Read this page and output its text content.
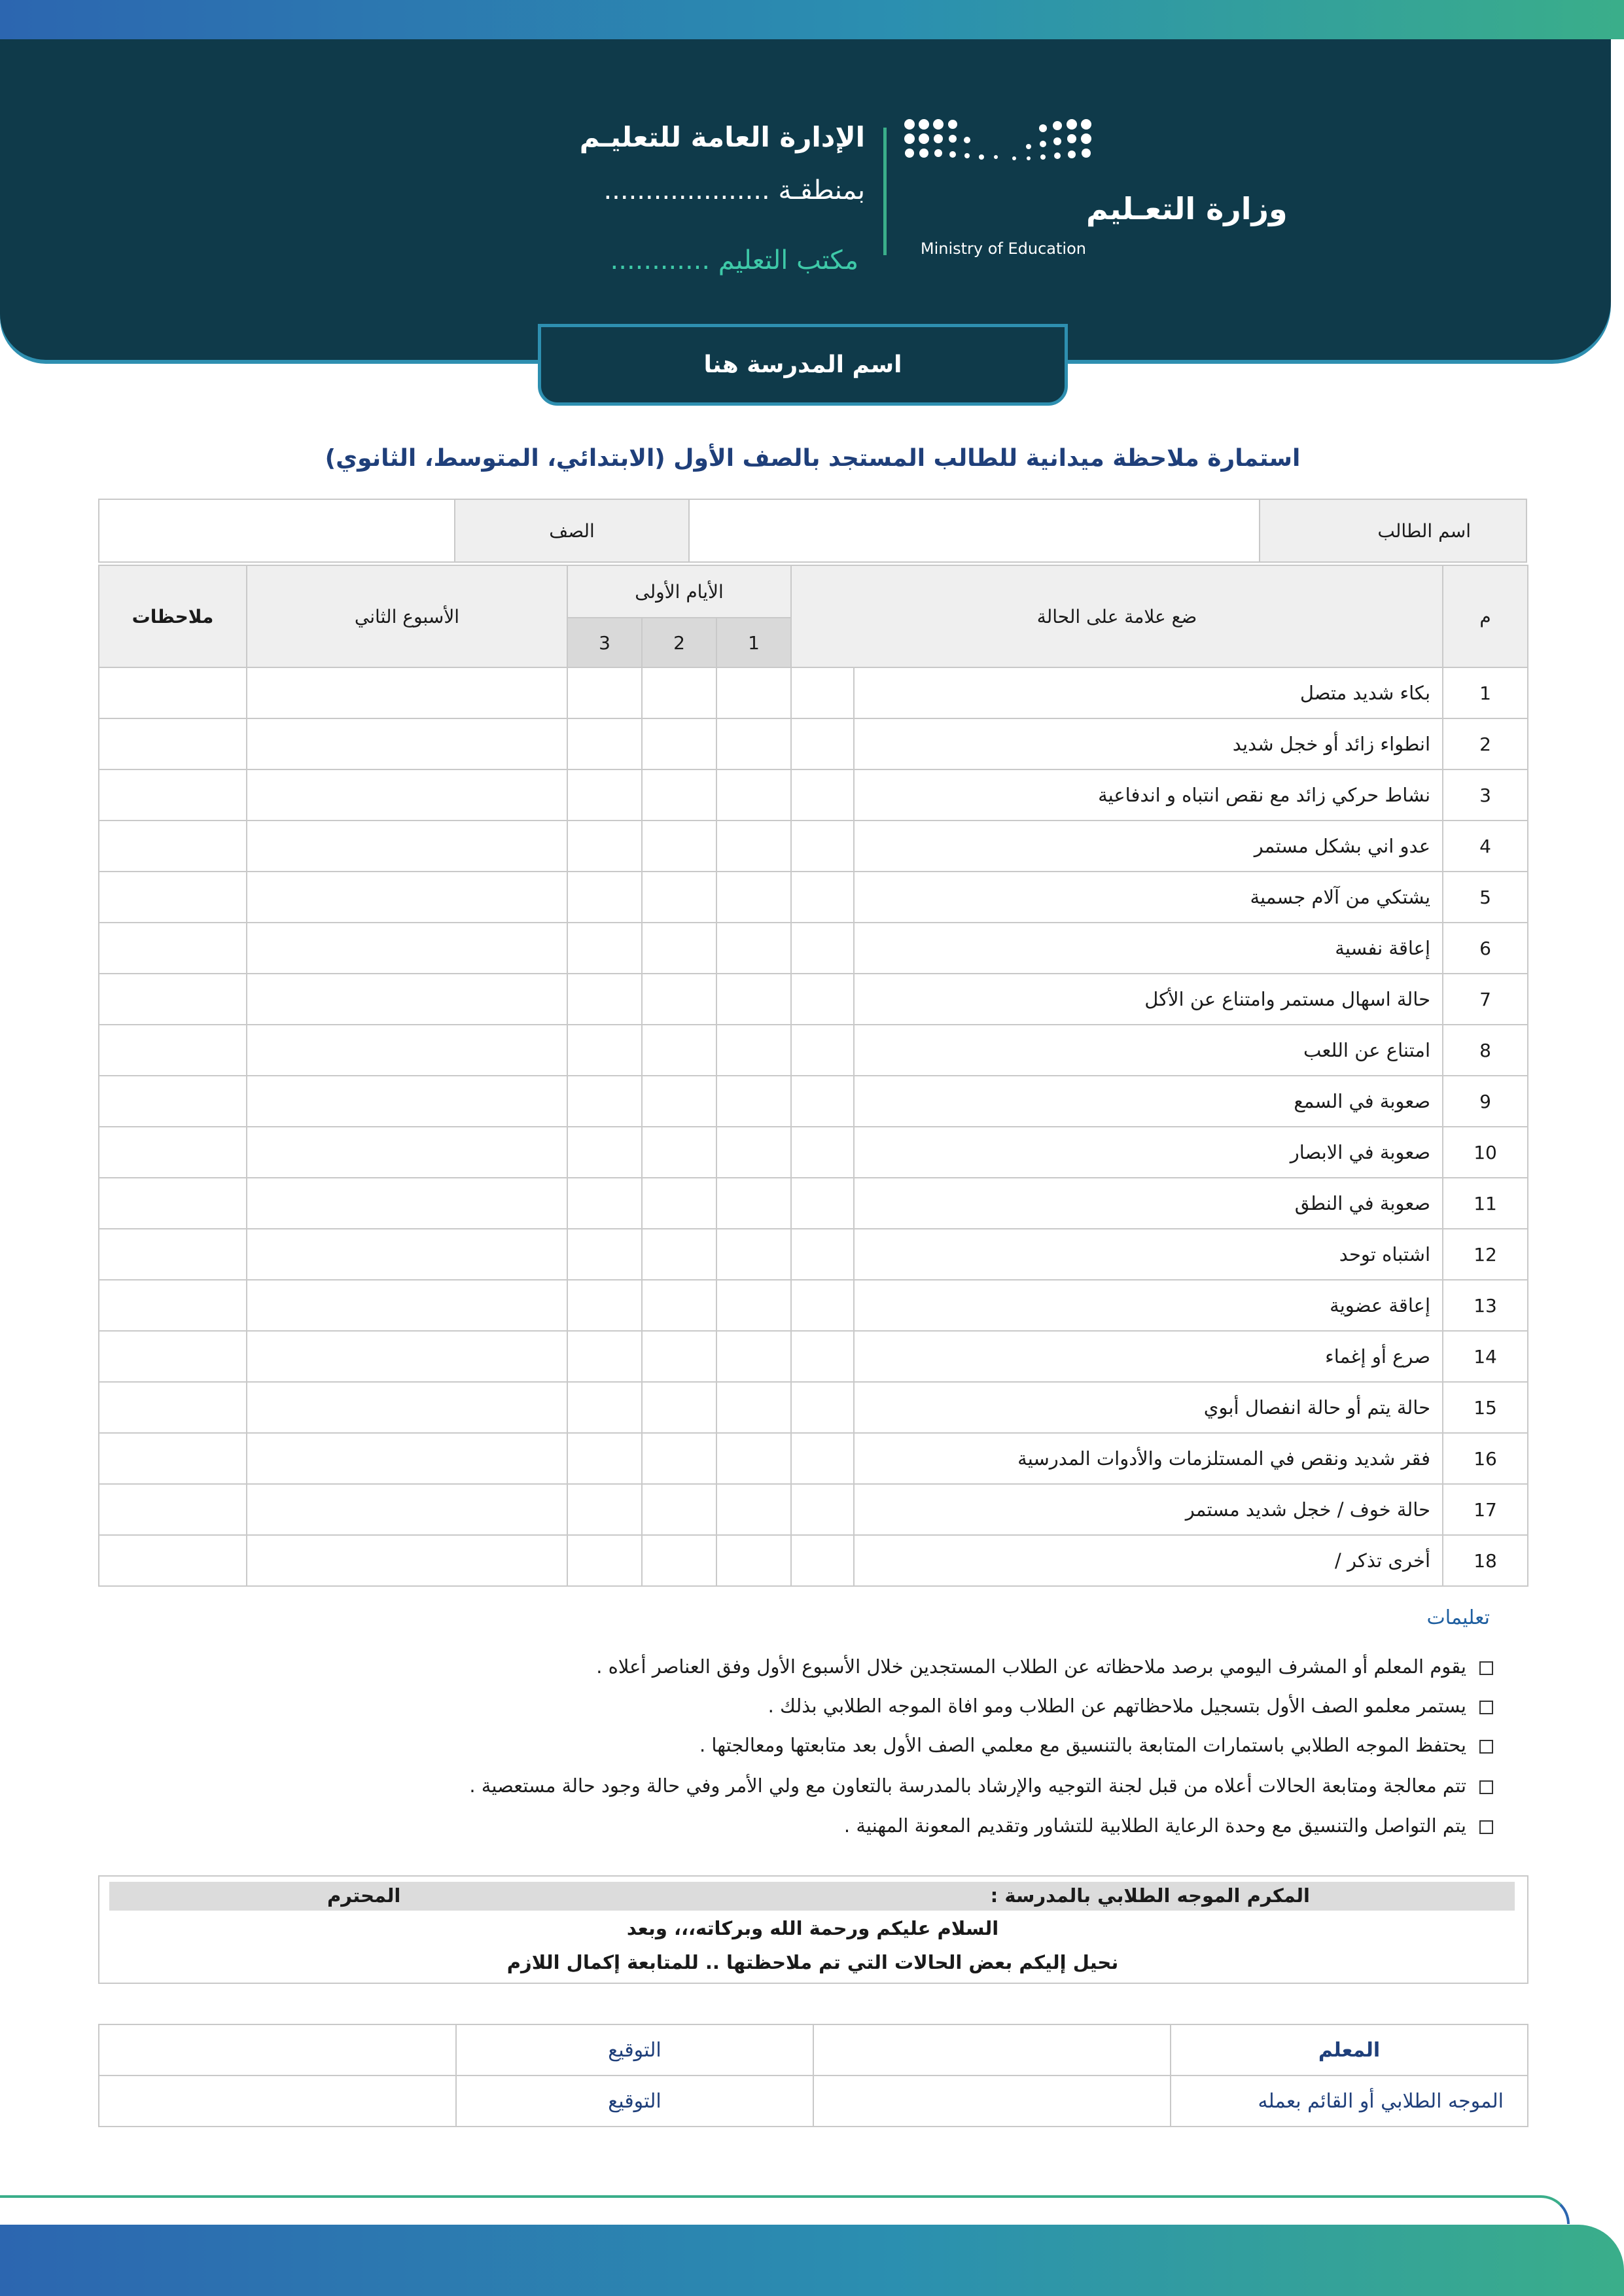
وزارة التعـليم
Ministry of Education
الإدارة العامة للتعليـم
بمنطقـة ....................
مكتب التعليم ............
اسم المدرسة هنا
استمارة ملاحظة ميدانية للطالب المستجد بالصف الأول (الابتدائي، المتوسط، الثانوي)
	الصف		اسم الطالب
ملاحظات	الأسبوع الثاني	الأيام الأولى			ضع علامة على الحالة		م
		3	2	1			
						بكاء شديد متصل	1
						انطواء زائد أو خجل شديد	2
						نشاط حركي زائد مع نقص انتباه و اندفاعية	3
						عدو اني بشكل مستمر	4
						يشتكي من آلام جسمية	5
						إعاقة نفسية	6
						حالة اسهال مستمر وامتناع عن الأكل	7
						امتناع عن اللعب	8
						صعوبة في السمع	9
						صعوبة في الابصار	10
						صعوبة في النطق	11
						اشتباه توحد	12
						إعاقة عضوية	13
						صرع أو إغماء	14
						حالة يتم أو حالة انفصال أبوي	15
						فقر شديد ونقص في المستلزمات والأدوات المدرسية	16
						حالة خوف / خجل شديد مستمر	17
						أخرى تذكر /	18
تعليمات
يقوم المعلم أو المشرف اليومي برصد ملاحظاته عن الطلاب المستجدين خلال الأسبوع الأول وفق العناصر أعلاه .
يستمر معلمو الصف الأول بتسجيل ملاحظاتهم عن الطلاب ومو افاة الموجه الطلابي بذلك .
يحتفظ الموجه الطلابي باستمارات المتابعة بالتنسيق مع معلمي الصف الأول بعد متابعتها ومعالجتها .
تتم معالجة ومتابعة الحالات أعلاه من قبل لجنة التوجيه والإرشاد بالمدرسة بالتعاون مع ولي الأمر وفي حالة وجود حالة مستعصية .
يتم التواصل والتنسيق مع وحدة الرعاية الطلابية للتشاور وتقديم المعونة المهنية .
المكرم الموجه الطلابي بالمدرسة :
المحترم
السلام عليكم ورحمة الله وبركاته،،، وبعد
نحيل إليكم بعض الحالات التي تم ملاحظتها .. للمتابعة إكمال اللازم
	التوقيع		المعلم
	التوقيع		الموجه الطلابي أو القائم بعمله
